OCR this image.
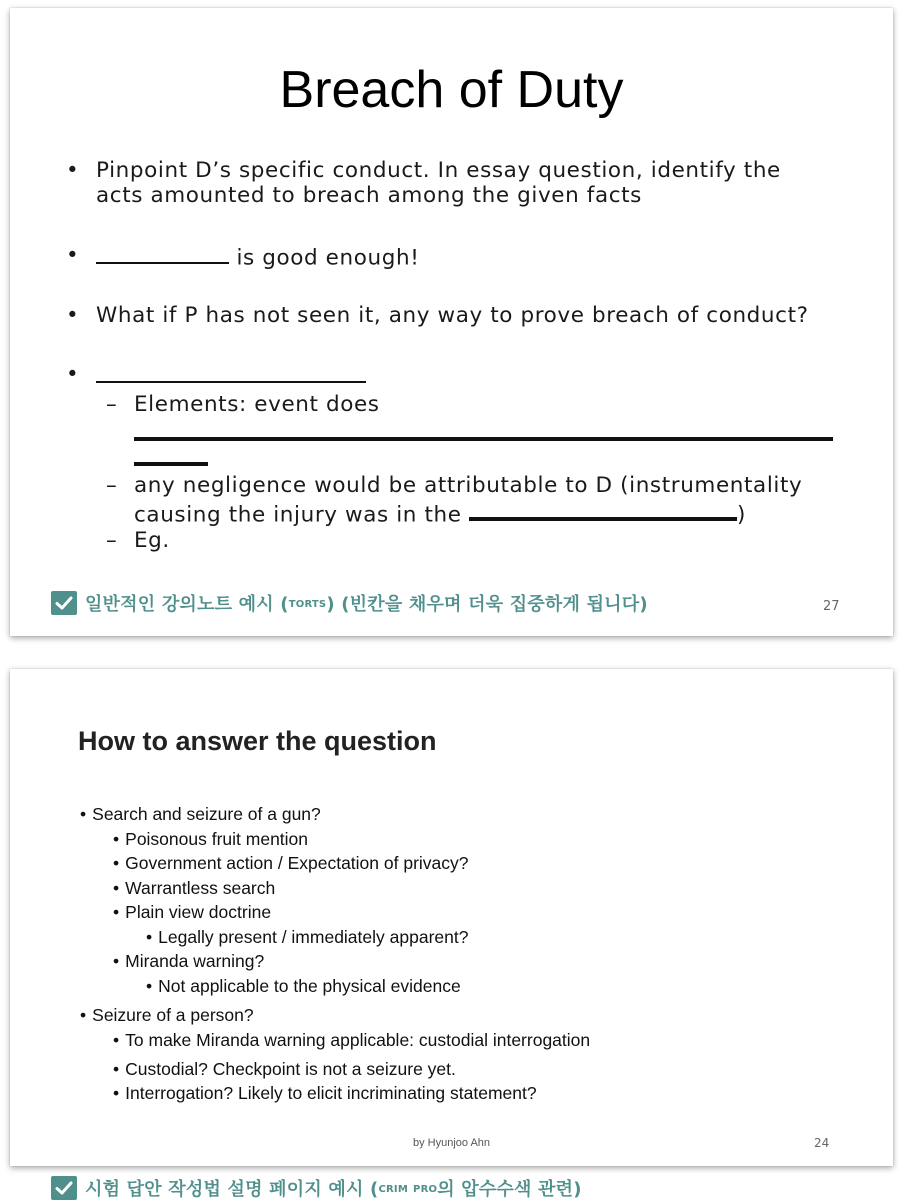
Breach of Duty
• Pinpoint D’s specific conduct. In essay question, identify the
acts amounted to breach among the given facts
•	is good enough!
• What if P has not seen it, any way to prove breach of conduct?
•
– Elements: event does
– any negligence would be attributable to D (instrumentality
causing the injury was in the	)
– Eg.
27
일반적인 강의노트 예시 ( torts ) (빈칸을 채우며 더욱 집중하게 됩니다)
How to answer the question
• Search and seizure of a gun?
• Poisonous fruit mention
• Government action / Expectation of privacy?
• Warrantless search
• Plain view doctrine
• Legally present / immediately apparent?
• Miranda warning?
• Not applicable to the physical evidence
• Seizure of a person?
• To make Miranda warning applicable: custodial interrogation
• Custodial? Checkpoint is not a seizure yet.
• Interrogation? Likely to elicit incriminating statement?
by Hyunjoo Ahn	24
시험 답안 작성법 설명 페이지 예시 ( crim pro 의 압수수색 관련)
